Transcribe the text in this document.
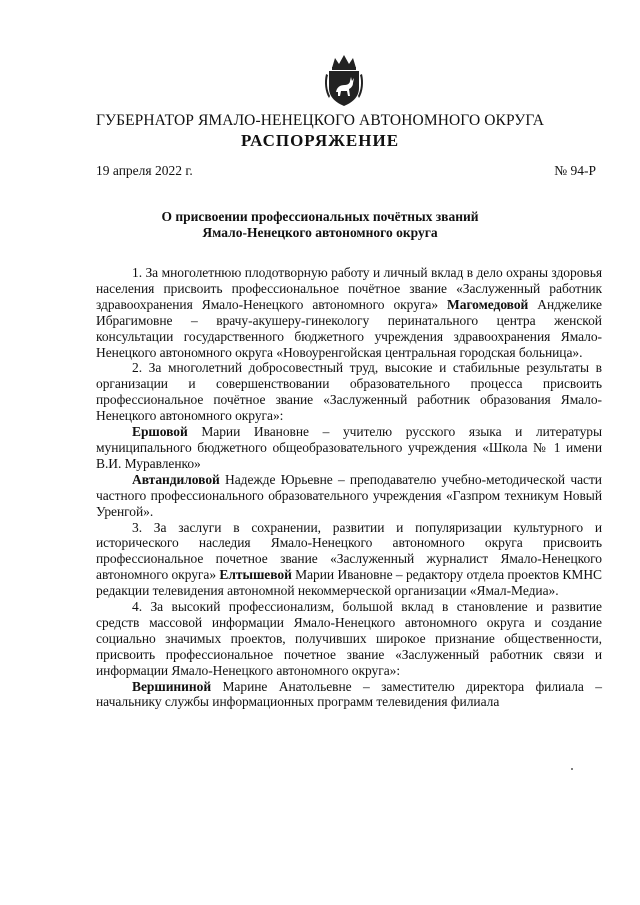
ГУБЕРНАТОР ЯМАЛО-НЕНЕЦКОГО АВТОНОМНОГО ОКРУГА
РАСПОРЯЖЕНИЕ
19 апреля 2022 г.	№ 94-Р
О присвоении профессиональных почётных званий
Ямало-Ненецкого автономного округа

1. За многолетнюю плодотворную работу и личный вклад в дело охраны здоровья населения присвоить профессиональное почётное звание «Заслуженный работник здравоохранения Ямало-Ненецкого автономного округа» Магомедовой Анджелике Ибрагимовне – врачу-акушеру-гинекологу перинатального центра женской консультации государственного бюджетного учреждения здравоохранения Ямало-Ненецкого автономного округа «Новоуренгойская центральная городская больница».

2. За многолетний добросовестный труд, высокие и стабильные результаты в организации и совершенствовании образовательного процесса присвоить профессиональное почётное звание «Заслуженный работник образования Ямало-Ненецкого автономного округа»:

Ершовой Марии Ивановне – учителю русского языка и литературы муниципального бюджетного общеобразовательного учреждения «Школа № 1 имени В.И. Муравленко»

Автандиловой Надежде Юрьевне – преподавателю учебно-методической части частного профессионального образовательного учреждения «Газпром техникум Новый Уренгой».

3. За заслуги в сохранении, развитии и популяризации культурного и исторического наследия Ямало-Ненецкого автономного округа присвоить профессиональное почетное звание «Заслуженный журналист Ямало-Ненецкого автономного округа» Елтышевой Марии Ивановне – редактору отдела проектов КМНС редакции телевидения автономной некоммерческой организации «Ямал-Медиа».

4. За высокий профессионализм, большой вклад в становление и развитие средств массовой информации Ямало-Ненецкого автономного округа и создание социально значимых проектов, получивших широкое признание общественности, присвоить профессиональное почетное звание «Заслуженный работник связи и информации Ямало-Ненецкого автономного округа»:

Вершининой Марине Анатольевне – заместителю директора филиала – начальнику службы информационных программ телевидения филиала
